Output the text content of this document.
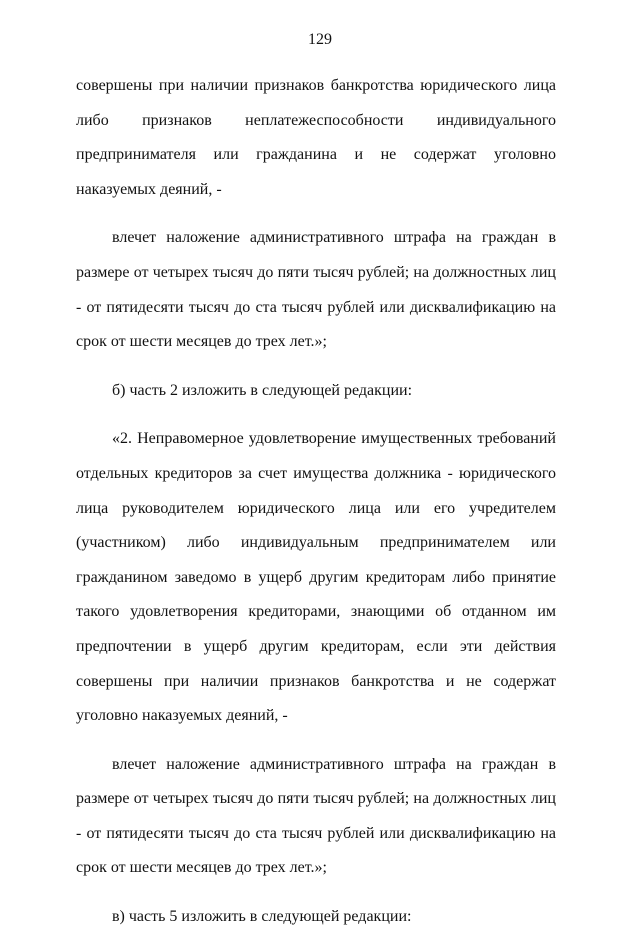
129

совершены при наличии признаков банкротства юридического лица либо признаков неплатежеспособности индивидуального предпринимателя или гражданина и не содержат уголовно наказуемых деяний, -

влечет наложение административного штрафа на граждан в размере от четырех тысяч до пяти тысяч рублей; на должностных лиц - от пятидесяти тысяч до ста тысяч рублей или дисквалификацию на срок от шести месяцев до трех лет.»;

б) часть 2 изложить в следующей редакции:

«2. Неправомерное удовлетворение имущественных требований отдельных кредиторов за счет имущества должника - юридического лица руководителем юридического лица или его учредителем (участником) либо индивидуальным предпринимателем или гражданином заведомо в ущерб другим кредиторам либо принятие такого удовлетворения кредиторами, знающими об отданном им предпочтении в ущерб другим кредиторам, если эти действия совершены при наличии признаков банкротства и не содержат уголовно наказуемых деяний, -

влечет наложение административного штрафа на граждан в размере от четырех тысяч до пяти тысяч рублей; на должностных лиц - от пятидесяти тысяч до ста тысяч рублей или дисквалификацию на срок от шести месяцев до трех лет.»;

в) часть 5 изложить в следующей редакции:
